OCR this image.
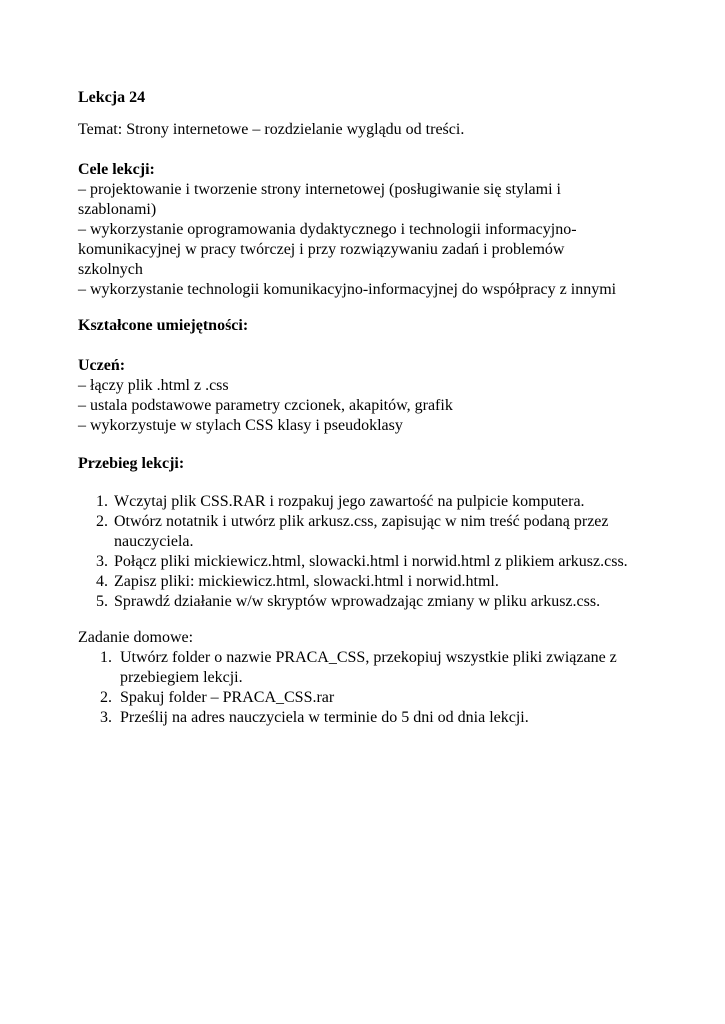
Lekcja 24
Temat: Strony internetowe – rozdzielanie wyglądu od treści.
Cele lekcji:
– projektowanie i tworzenie strony internetowej (posługiwanie się stylami i
szablonami)
– wykorzystanie oprogramowania dydaktycznego i technologii informacyjno-
komunikacyjnej w pracy twórczej i przy rozwiązywaniu zadań i problemów
szkolnych
– wykorzystanie technologii komunikacyjno-informacyjnej do współpracy z innymi
Kształcone umiejętności:
Uczeń:
– łączy plik .html z .css
– ustala podstawowe parametry czcionek, akapitów, grafik
– wykorzystuje w stylach CSS klasy i pseudoklasy
Przebieg lekcji:
1. Wczytaj plik CSS.RAR i rozpakuj jego zawartość na pulpicie komputera.
2. Otwórz notatnik i utwórz plik arkusz.css, zapisując w nim treść podaną przez
nauczyciela.
3. Połącz pliki mickiewicz.html, slowacki.html i norwid.html z plikiem arkusz.css.
4. Zapisz pliki: mickiewicz.html, slowacki.html i norwid.html.
5. Sprawdź działanie w/w skryptów wprowadzając zmiany w pliku arkusz.css.
Zadanie domowe:
1. Utwórz folder o nazwie PRACA_CSS, przekopiuj wszystkie pliki związane z
przebiegiem lekcji.
2. Spakuj folder – PRACA_CSS.rar
3. Prześlij na adres nauczyciela w terminie do 5 dni od dnia lekcji.
